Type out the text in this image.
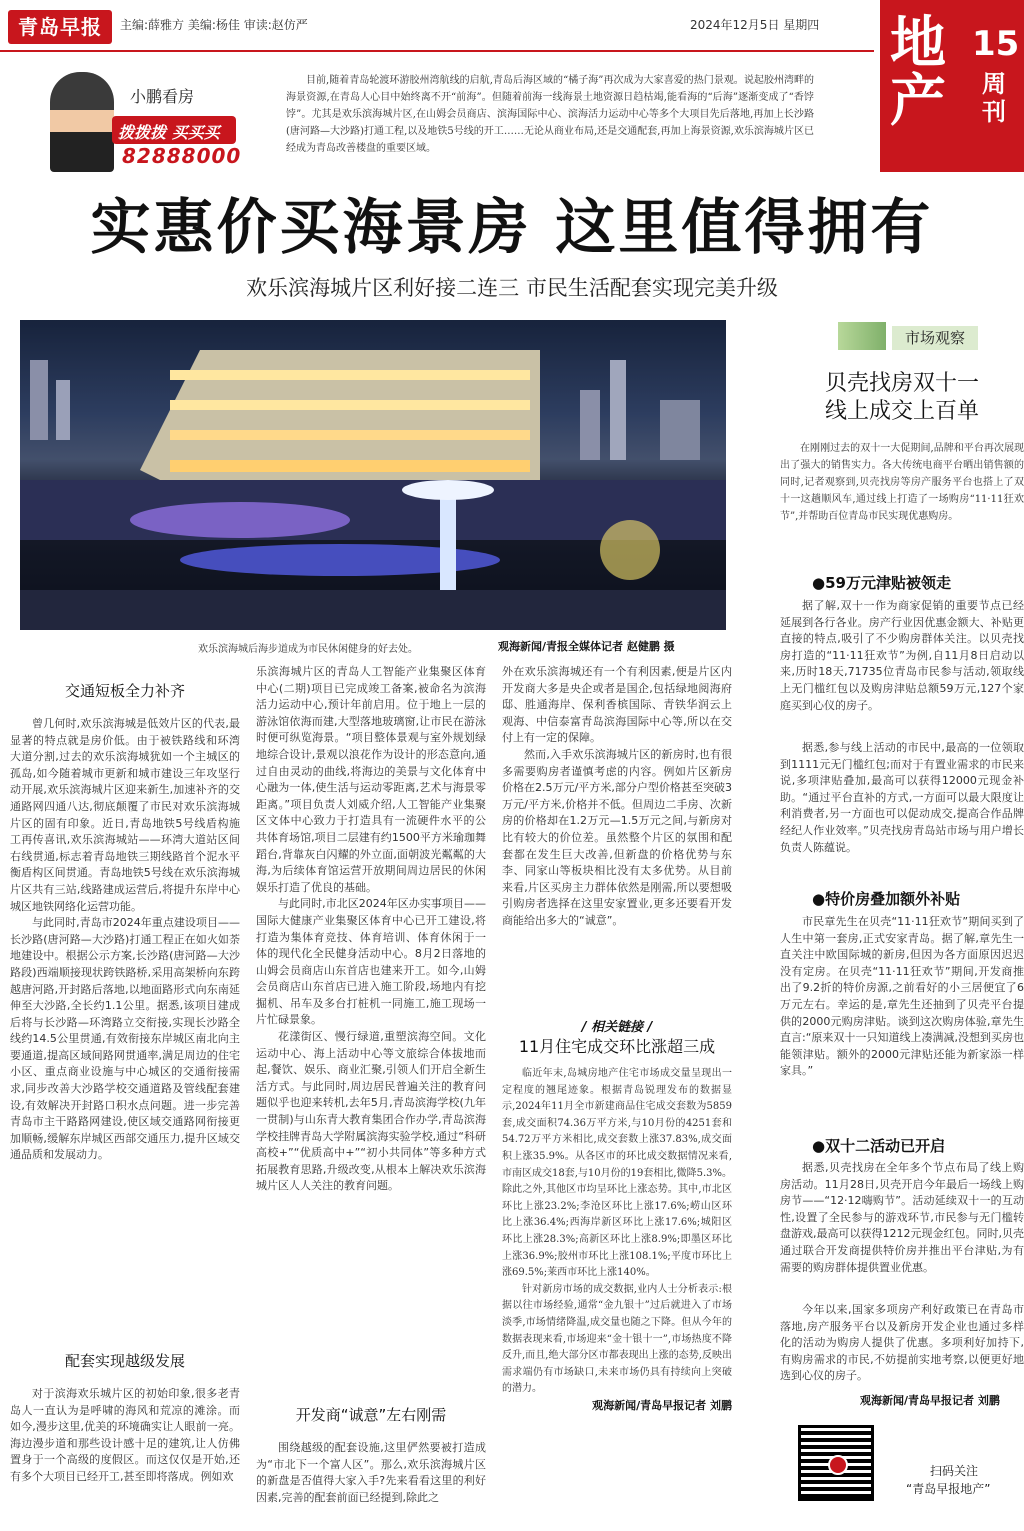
青岛早报	主编:薛雅方 美编:杨佳 审读:赵仿严	2024年12月5日 星期四 地产
15
周刊
小鹏看房
拨拨拨 买买买
82888000
目前,随着青岛轮渡环游胶州湾航线的启航,青岛后海区域的“橘子海”再次成为大家喜爱的热门景观。说起胶州湾畔的海景资源,在青岛人心目中始终离不开“前海”。但随着前海一线海景土地资源日趋枯竭,能看海的“后海”逐渐变成了“香饽饽”。尤其是欢乐滨海城片区,在山姆会员商店、滨海国际中心、滨海活力运动中心等多个大项目先后落地,再加上长沙路(唐河路—大沙路)打通工程,以及地铁5号线的开工……无论从商业布局,还是交通配套,再加上海景资源,欢乐滨海城片区已经成为青岛改善楼盘的重要区域。
实惠价买海景房 这里值得拥有
欢乐滨海城片区利好接二连三 市民生活配套实现完美升级
欢乐滨海城后海步道成为市民休闲健身的好去处。	观海新闻/青报全媒体记者 赵健鹏 摄
市场观察
贝壳找房双十一
线上成交上百单
在刚刚过去的双十一大促期间,品牌和平台再次展现出了强大的销售实力。各大传统电商平台晒出销售额的同时,记者观察到,贝壳找房等房产服务平台也搭上了双十一这趟顺风车,通过线上打造了一场购房“11·11狂欢节”,并帮助百位青岛市民实现优惠购房。
●59万元津贴被领走
据了解,双十一作为商家促销的重要节点已经延展到各行各业。房产行业因优惠金额大、补贴更直接的特点,吸引了不少购房群体关注。以贝壳找房打造的“11·11狂欢节”为例,自11月8日启动以来,历时18天,71735位青岛市民参与活动,领取线上无门槛红包以及购房津贴总额59万元,127个家庭买到心仪的房子。
据悉,参与线上活动的市民中,最高的一位领取到1111元无门槛红包;而对于有置业需求的市民来说,多项津贴叠加,最高可以获得12000元现金补助。“通过平台直补的方式,一方面可以最大限度让利消费者,另一方面也可以促动成交,提高合作品牌经纪人作业效率。”贝壳找房青岛站市场与用户增长负责人陈蕴说。
●特价房叠加额外补贴
市民章先生在贝壳“11·11狂欢节”期间买到了人生中第一套房,正式安家青岛。据了解,章先生一直关注中欧国际城的新房,但因为各方面原因迟迟没有定房。在贝壳“11·11狂欢节”期间,开发商推出了9.2折的特价房源,之前看好的小三居便宜了6万元左右。幸运的是,章先生还抽到了贝壳平台提供的2000元购房津贴。谈到这次购房体验,章先生直言:“原来双十一只知道线上凑满减,没想到买房也能领津贴。额外的2000元津贴还能为新家添一样家具。”
●双十二活动已开启
据悉,贝壳找房在全年多个节点布局了线上购房活动。11月28日,贝壳开启今年最后一场线上购房节——“12·12嗨购节”。活动延续双十一的互动性,设置了全民参与的游戏环节,市民参与无门槛转盘游戏,最高可以获得1212元现金红包。同时,贝壳通过联合开发商提供特价房并推出平台津贴,为有需要的购房群体提供置业优惠。
今年以来,国家多项房产利好政策已在青岛市落地,房产服务平台以及新房开发企业也通过多样化的活动为购房人提供了优惠。多项利好加持下,有购房需求的市民,不妨提前实地考察,以便更好地选到心仪的房子。
观海新闻/青岛早报记者 刘鹏
扫码关注
“青岛早报地产”
交通短板全力补齐

曾几何时,欢乐滨海城是低效片区的代表,最显著的特点就是房价低。由于被铁路线和环湾大道分割,过去的欢乐滨海城犹如一个主城区的孤岛,如今随着城市更新和城市建设三年攻坚行动开展,欢乐滨海城片区迎来新生,加速补齐的交通路网四通八达,彻底颠覆了市民对欢乐滨海城片区的固有印象。近日,青岛地铁5号线盾构施工再传喜讯,欢乐滨海城站——环湾大道站区间右线贯通,标志着青岛地铁三期线路首个泥水平衡盾构区间贯通。青岛地铁5号线在欢乐滨海城片区共有三站,线路建成运营后,将提升东岸中心城区地铁网络化运营功能。

与此同时,青岛市2024年重点建设项目——长沙路(唐河路—大沙路)打通工程正在如火如荼地建设中。根据公示方案,长沙路(唐河路—大沙路段)西端顺接现状跨铁路桥,采用高架桥向东跨越唐河路,开封路后落地,以地面路形式向东南延伸至大沙路,全长约1.1公里。据悉,该项目建成后将与长沙路—环湾路立交衔接,实现长沙路全线约14.5公里贯通,有效衔接东岸城区南北向主要通道,提高区域间路网贯通率,满足周边的住宅小区、重点商业设施与中心城区的交通衔接需求,同步改善大沙路学校交通道路及管线配套建设,有效解决开封路口积水点问题。进一步完善青岛市主干路路网建设,使区域交通路网衔接更加顺畅,缓解东岸城区西部交通压力,提升区域交通品质和发展动力。

配套实现越级发展

对于滨海欢乐城片区的初始印象,很多老青岛人一直认为是呼啸的海风和荒凉的滩涂。而如今,漫步这里,优美的环境确实让人眼前一亮。海边漫步道和那些设计感十足的建筑,让人仿佛置身于一个高级的度假区。而这仅仅是开始,还有多个大项目已经开工,甚至即将落成。例如欢

乐滨海城片区的青岛人工智能产业集聚区体育中心(二期)项目已完成竣工备案,被命名为滨海活力运动中心,预计年前启用。位于地上一层的游泳馆依海而建,大型落地玻璃窗,让市民在游泳时便可纵览海景。“项目整体景观与室外规划绿地综合设计,景观以浪花作为设计的形态意向,通过自由灵动的曲线,将海边的美景与文化体育中心融为一体,使生活与运动零距离,艺术与海景零距离。”项目负责人刘威介绍,人工智能产业集聚区文体中心致力于打造具有一流硬件水平的公共体育场馆,项目二层建有约1500平方米瑜珈舞蹈台,背靠灰白闪耀的外立面,面朝波光粼粼的大海,为后续体育馆运营开放期间周边居民的休闲娱乐打造了优良的基础。

与此同时,市北区2024年区办实事项目——国际大健康产业集聚区体育中心已开工建设,将打造为集体育竞技、体育培训、体育休闲于一体的现代化全民健身活动中心。8月2日落地的山姆会员商店山东首店也建来开工。如今,山姆会员商店山东首店已进入施工阶段,场地内有挖掘机、吊车及多台打桩机一同施工,施工现场一片忙碌景象。

花漾街区、慢行绿道,重塑滨海空间。文化运动中心、海上活动中心等文旅综合体拔地而起,餐饮、娱乐、商业汇聚,引领人们开启全新生活方式。与此同时,周边居民普遍关注的教育问题似乎也迎来转机,去年5月,青岛滨海学校(九年一贯制)与山东青大教育集团合作办学,青岛滨海学校挂牌青岛大学附属滨海实验学校,通过“科研高校+”“优质高中+”“初小共同体”等多种方式拓展教育思路,升级改变,从根本上解决欢乐滨海城片区人人关注的教育问题。

开发商“诚意”左右刚需

围绕越级的配套设施,这里俨然要被打造成为“市北下一个富人区”。那么,欢乐滨海城片区的新盘是否值得大家入手?先来看看这里的利好因素,完善的配套前面已经提到,除此之

外在欢乐滨海城还有一个有利因素,便是片区内开发商大多是央企或者是国企,包括绿地阅海府邸、胜通海岸、保利香槟国际、青铁华润云上观海、中信泰富青岛滨海国际中心等,所以在交付上有一定的保障。

然而,入手欢乐滨海城片区的新房时,也有很多需要购房者谨慎考虑的内容。例如片区新房价格在2.5万元/平方米,部分户型价格甚至突破3万元/平方米,价格并不低。但周边二手房、次新房的价格却在1.2万元—1.5万元之间,与新房对比有较大的价位差。虽然整个片区的氛围和配套都在发生巨大改善,但新盘的价格优势与东李、同家山等板块相比没有太多优势。从目前来看,片区买房主力群体依然是刚需,所以要想吸引购房者选择在这里安家置业,更多还要看开发商能给出多大的“诚意”。

/ 相关链接 /
11月住宅成交环比涨超三成

临近年末,岛城房地产住宅市场成交量呈现出一定程度的翘尾迹象。根据青岛锐理发布的数据显示,2024年11月全市新建商品住宅成交套数为5859套,成交面积74.36万平方米,与10月份的4251套和54.72万平方米相比,成交套数上涨37.83%,成交面积上涨35.9%。从各区市的环比成交数据情况来看,市南区成交18套,与10月份的19套相比,微降5.3%。除此之外,其他区市均呈环比上涨态势。其中,市北区环比上涨23.2%;李沧区环比上涨17.6%;崂山区环比上涨36.4%;西海岸新区环比上涨17.6%;城阳区环比上涨28.3%;高新区环比上涨8.9%;即墨区环比上涨36.9%;胶州市环比上涨108.1%;平度市环比上涨69.5%;莱西市环比上涨140%。

针对新房市场的成交数据,业内人士分析表示:根据以往市场经验,通常“金九银十”过后就进入了市场淡季,市场情绪降温,成交量也随之下降。但从今年的数据表现来看,市场迎来“金十银十一”,市场热度不降反升,而且,绝大部分区市都表现出上涨的态势,反映出需求端仍有市场缺口,未来市场仍具有持续向上突破的潜力。

观海新闻/青岛早报记者 刘鹏
